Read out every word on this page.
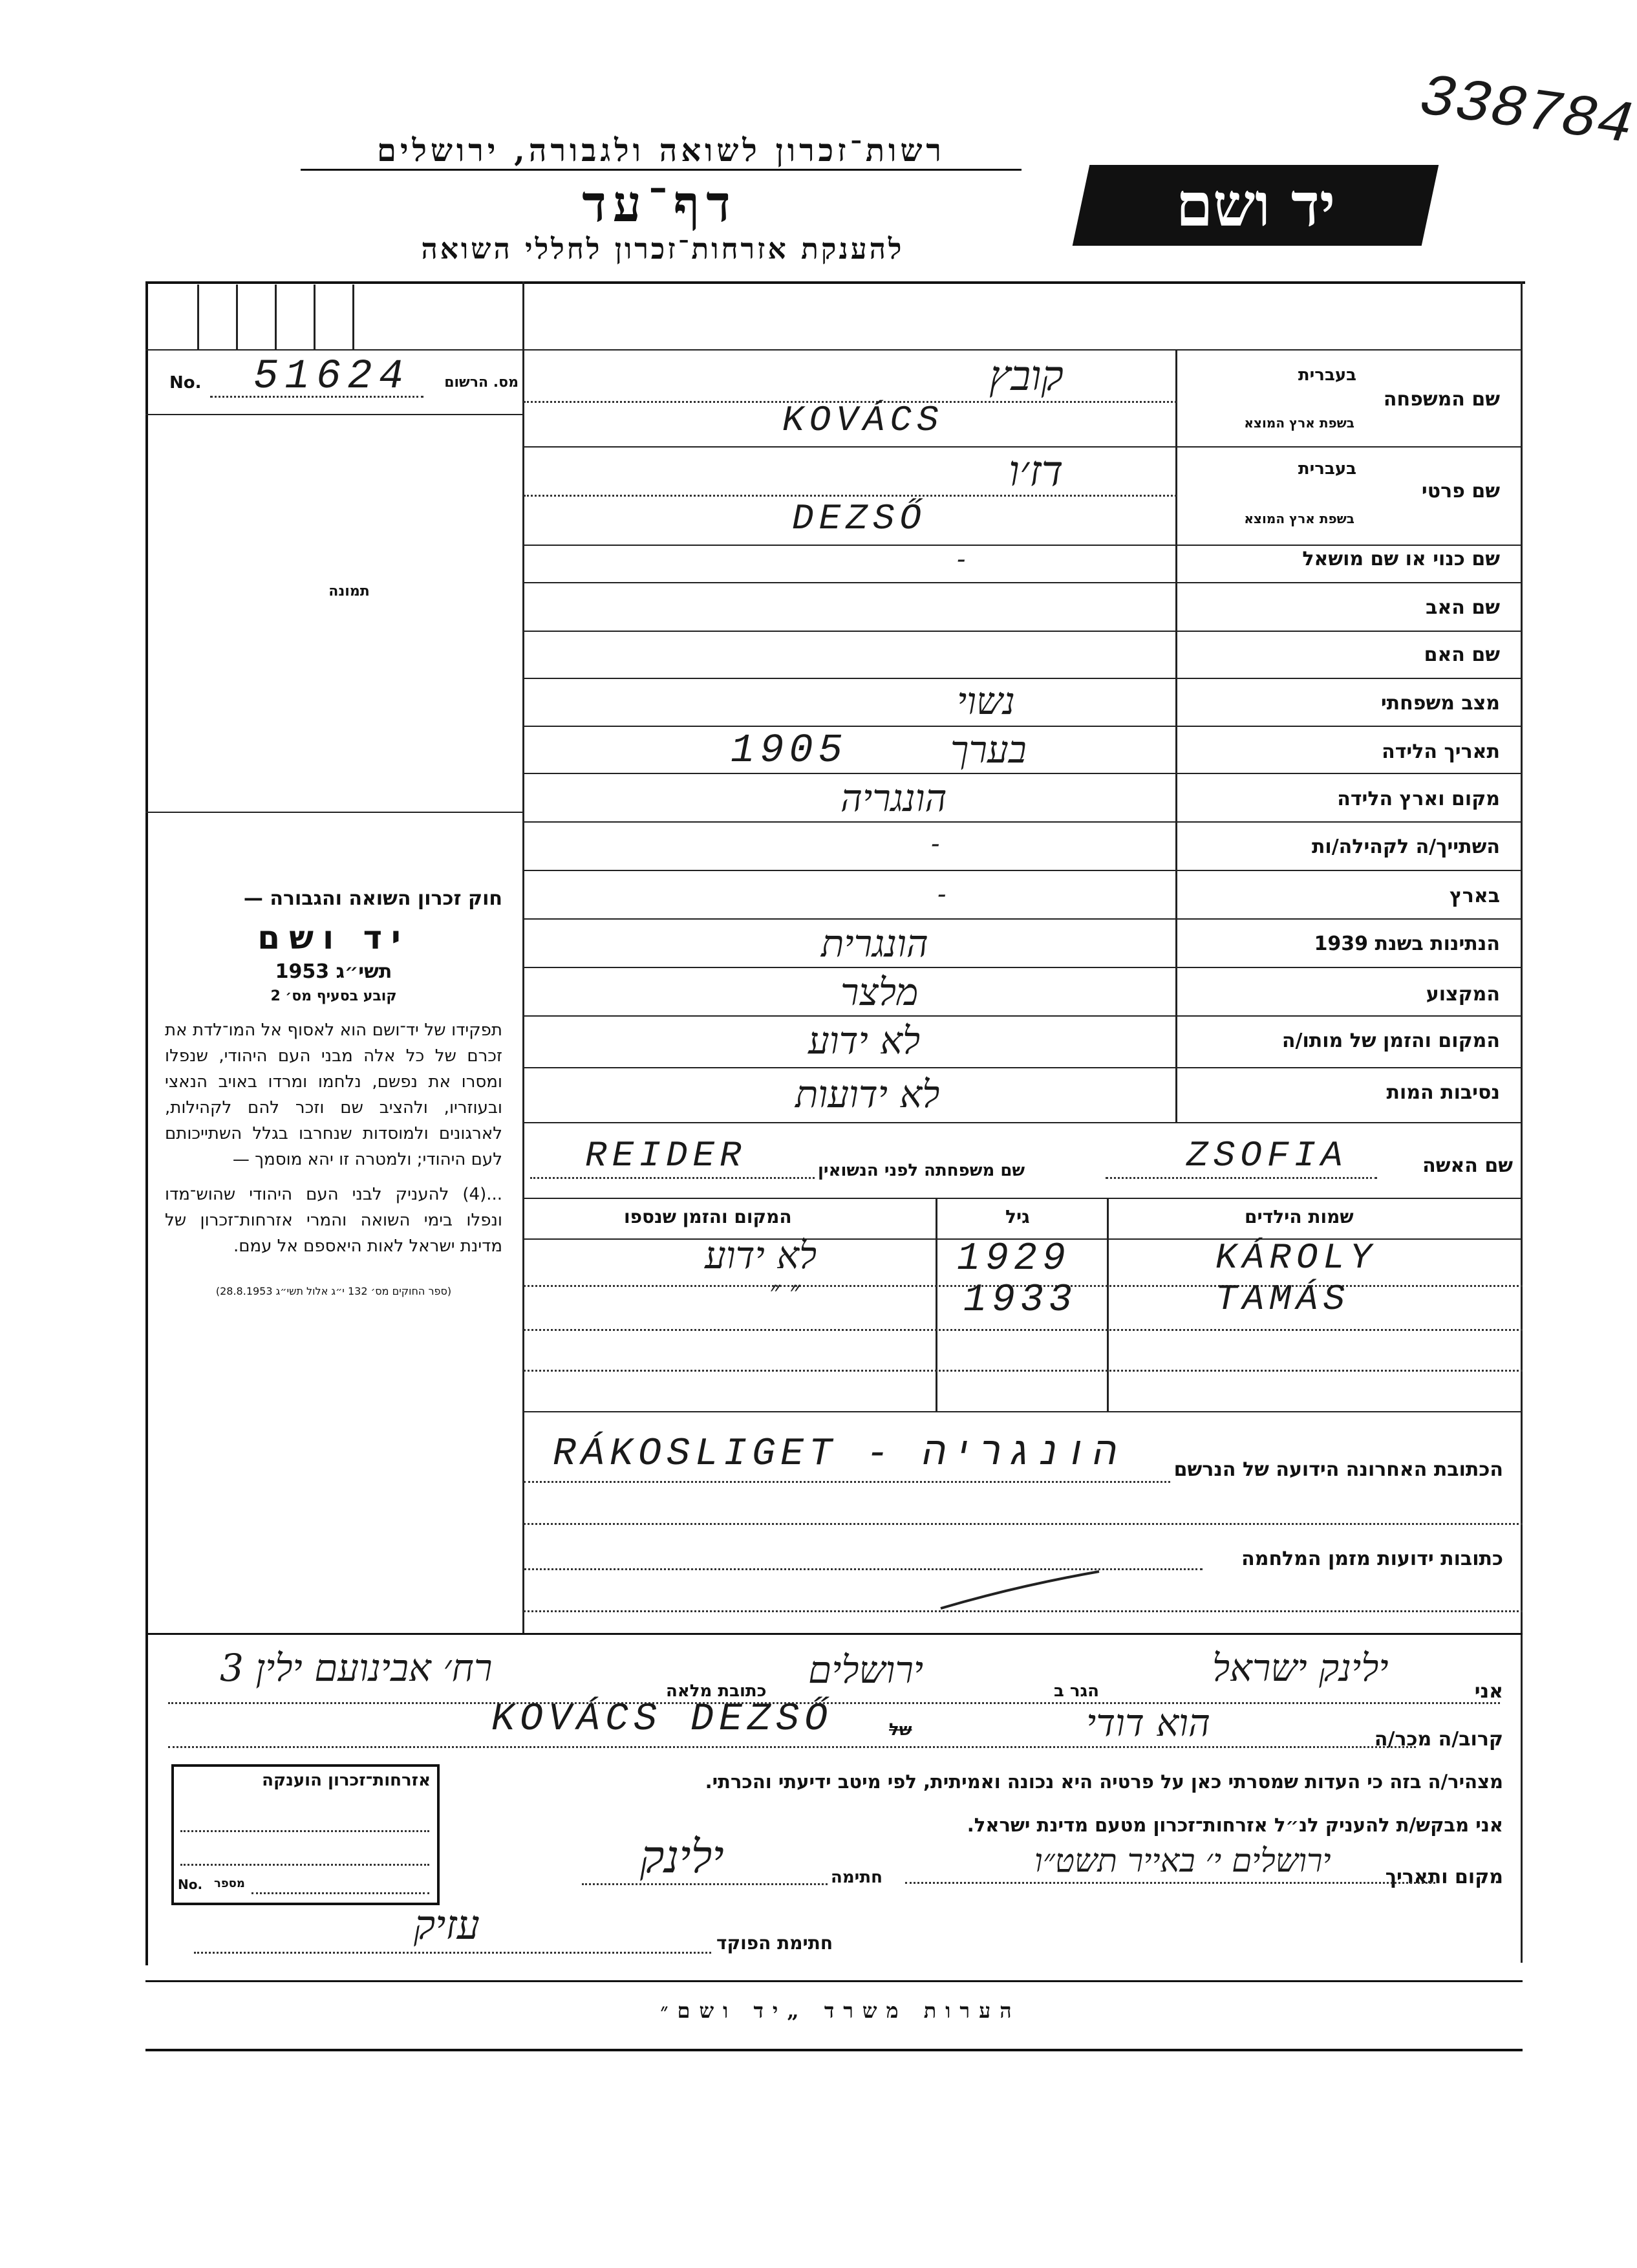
338784
רשות־זכרון לשואה ולגבורה, ירושלים
דף־עד
להענקת אזרחות־זכרון לחללי השואה
יד ושם
No. 51624 מס. הרשום
תמונה
חוק זכרון השואה והגבורה —
יד ושם
תשי״ג 1953
קובע בסעיף מס׳ 2
תפקידו של יד־ושם הוא לאסוף אל המו־לדת את זכרם של כל אלה מבני העם היהודי, שנפלו ומסרו את נפשם, נלחמו ומרדו באויב הנאצי ובעוזריו, ולהציב שם וזכר להם לקהילות, לארגונים ולמוסדות שנחרבו בגלל השתייכותם לעם היהודי; ולמטרה זו יהא מוסמך —
...(4) להעניק לבני העם היהודי שהוש־מדו ונפלו בימי השואה והמרי אזרחות־זכרון של מדינת ישראל לאות היאספם אל עמם.
(ספר החוקים מס׳ 132 י״ג אלול תשי״ג 28.8.1953)
שם המשפחה
בעברית
בשפת ארץ המוצא
קובץ
KOVÁCS
שם פרטי
בעברית
בשפת ארץ המוצא
דז׳ו
DEZSŐ
שם כנוי או שם מושאל
-
שם האב
שם האם
מצב משפחתי
נשוי
תאריך הלידה
1905	בערך
מקום וארץ הלידה
הונגריה
השתייך/ה לקהילה/ות
-
בארץ
-
הנתינות בשנת 1939
הונגרית
המקצוע
מלצר
המקום והזמן של מותו/ה
לא ידוע
נסיבות המות
לא ידועות
שם האשה
ZSOFIA
שם משפחתה לפני הנשואין
REIDER
שמות הילדים
גיל
המקום והזמן שנספו
KÁROLY
1929
לא ידוע
TAMÁS
1933
״ ״
הכתובת האחרונה הידועה של הנרשם
RÁKOSLIGET - הונגריה
כתובות ידועות מזמן המלחמה
אני
ילינק ישראל
הגר ב
ירושלים
כתובת מלאה
רח׳ אבינועם ילין 3
קרוב/ה מכר/ה
הוא דודי
של
KOVÁCS DEZSŐ
מצהיר/ה בזה כי העדות שמסרתי כאן על פרטיה היא נכונה ואמיתית, לפי מיטב ידיעתי והכרתי.
אזרחות־זכרון הוענקה
No. מספר
אני מבקש/ת להעניק לנ״ל אזרחות־זכרון מטעם מדינת ישראל.
מקום ותאריך
ירושלים י׳ באייר תשט״ו
חתימה
ילינק
חתימת הפוקד
עזיק
הערות משרד „יד ושם״
